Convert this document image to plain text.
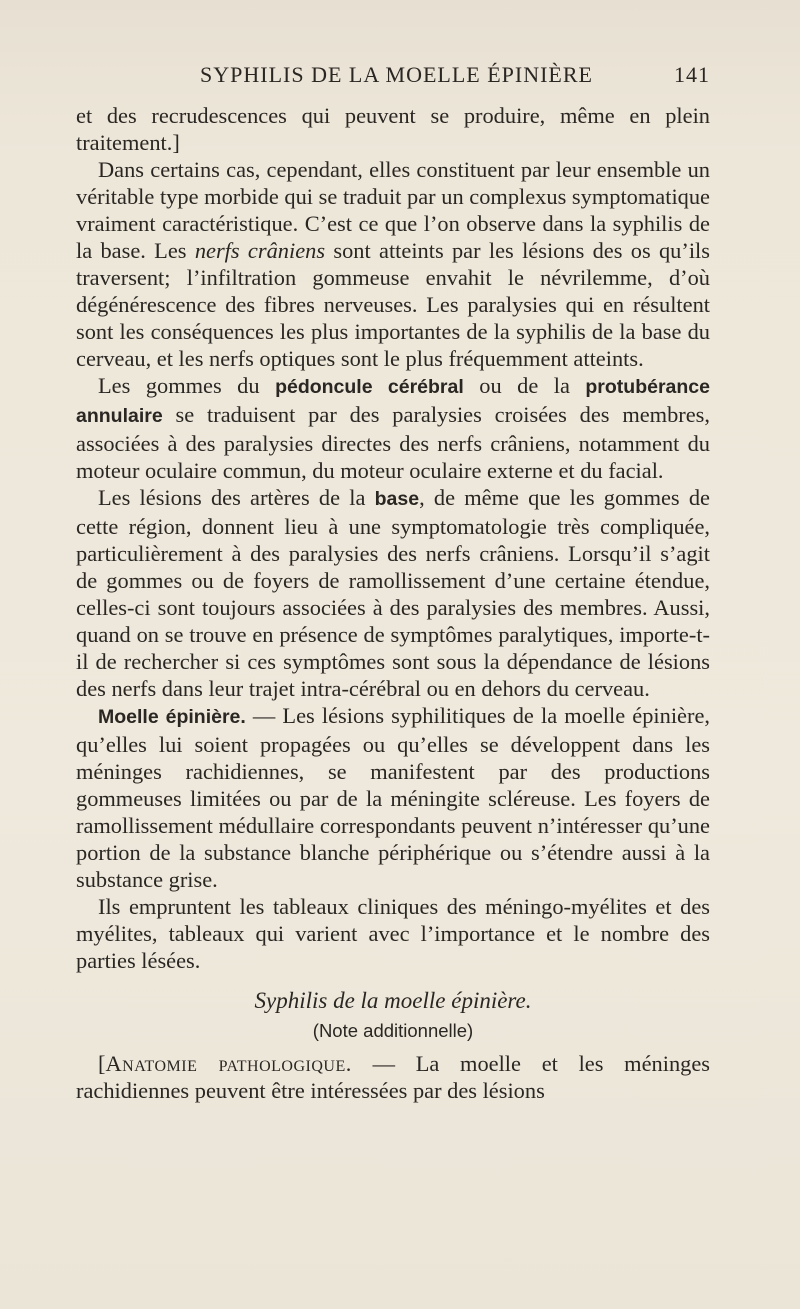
SYPHILIS DE LA MOELLE ÉPINIÈRE	141

et des recrudescences qui peuvent se produire, même en plein traitement.]

Dans certains cas, cependant, elles constituent par leur ensemble un véritable type morbide qui se traduit par un complexus symptomatique vraiment caractéristique. C’est ce que l’on observe dans la syphilis de la base. Les nerfs crâniens sont atteints par les lésions des os qu’ils traversent; l’infiltration gommeuse envahit le névrilemme, d’où dégénérescence des fibres nerveuses. Les paralysies qui en résultent sont les conséquences les plus importantes de la syphilis de la base du cerveau, et les nerfs optiques sont le plus fréquemment atteints.

Les gommes du pédoncule cérébral ou de la protubérance annulaire se traduisent par des paralysies croisées des membres, associées à des paralysies directes des nerfs crâniens, notamment du moteur oculaire commun, du moteur oculaire externe et du facial.

Les lésions des artères de la base, de même que les gommes de cette région, donnent lieu à une symptomatologie très compliquée, particulièrement à des paralysies des nerfs crâniens. Lorsqu’il s’agit de gommes ou de foyers de ramollissement d’une certaine étendue, celles-ci sont toujours associées à des paralysies des membres. Aussi, quand on se trouve en présence de symptômes paralytiques, importe-t-il de rechercher si ces symptômes sont sous la dépendance de lésions des nerfs dans leur trajet intra-cérébral ou en dehors du cerveau.

Moelle épinière. — Les lésions syphilitiques de la moelle épinière, qu’elles lui soient propagées ou qu’elles se développent dans les méninges rachidiennes, se manifestent par des productions gommeuses limitées ou par de la méningite scléreuse. Les foyers de ramollissement médullaire correspondants peuvent n’intéresser qu’une portion de la substance blanche périphérique ou s’étendre aussi à la substance grise.

Ils empruntent les tableaux cliniques des méningo-myélites et des myélites, tableaux qui varient avec l’importance et le nombre des parties lésées.

Syphilis de la moelle épinière.
(Note additionnelle)

[Anatomie pathologique. — La moelle et les méninges rachidiennes peuvent être intéressées par des lésions
